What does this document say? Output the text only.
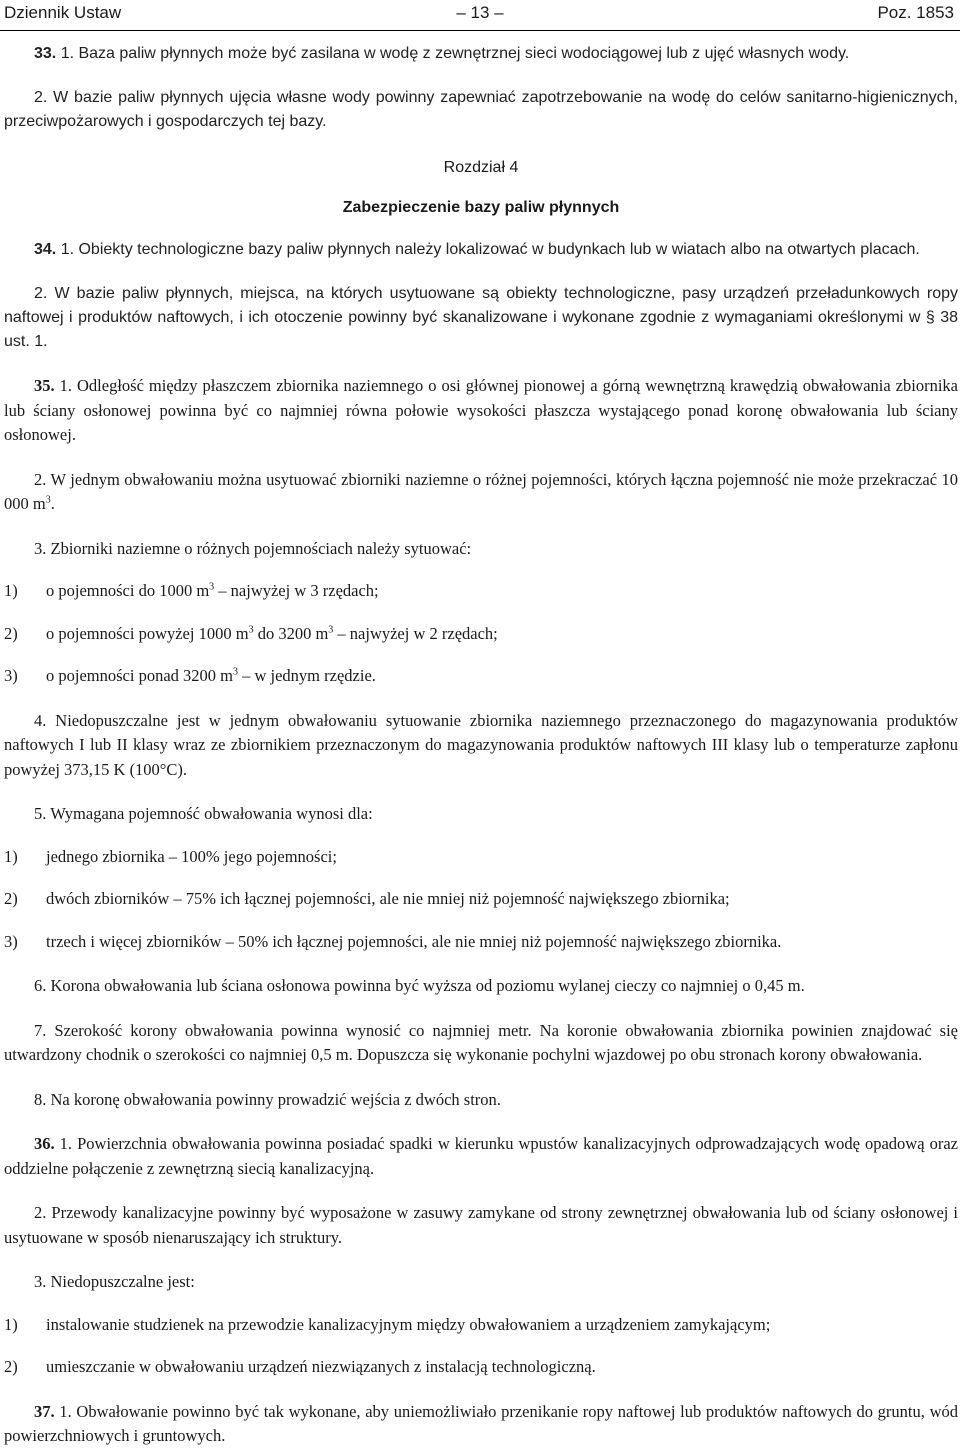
– 13 –
Dziennik Ustaw	Poz. 1853

33. 1. Baza paliw płynnych może być zasilana w wodę z zewnętrznej sieci wodociągowej lub z ujęć własnych wody.

2. W bazie paliw płynnych ujęcia własne wody powinny zapewniać zapotrzebowanie na wodę do celów sanitarno-higienicznych, przeciwpożarowych i gospodarczych tej bazy.

Rozdział 4
Zabezpieczenie bazy paliw płynnych

34. 1. Obiekty technologiczne bazy paliw płynnych należy lokalizować w budynkach lub w wiatach albo na otwartych placach.

2. W bazie paliw płynnych, miejsca, na których usytuowane są obiekty technologiczne, pasy urządzeń przeładunkowych ropy naftowej i produktów naftowych, i ich otoczenie powinny być skanalizowane i wykonane zgodnie z wymaganiami określonymi w § 38 ust. 1.

35. 1. Odległość między płaszczem zbiornika naziemnego o osi głównej pionowej a górną wewnętrzną krawędzią obwałowania zbiornika lub ściany osłonowej powinna być co najmniej równa połowie wysokości płaszcza wystającego ponad koronę obwałowania lub ściany osłonowej.

2. W jednym obwałowaniu można usytuować zbiorniki naziemne o różnej pojemności, których łączna pojemność nie może przekraczać 10 000 $m^3$.

3. Zbiorniki naziemne o różnych pojemnościach należy sytuować:

1)	o pojemności do 1000 $m^3$ – najwyżej w 3 rzędach;
2)	o pojemności powyżej 1000 $m^3$ do 3200 $m^3$ – najwyżej w 2 rzędach;
3)	o pojemności ponad 3200 $m^3$ – w jednym rzędzie.

4. Niedopuszczalne jest w jednym obwałowaniu sytuowanie zbiornika naziemnego przeznaczonego do magazynowania produktów naftowych I lub II klasy wraz ze zbiornikiem przeznaczonym do magazynowania produktów naftowych III klasy lub o temperaturze zapłonu powyżej 373,15 K (100°C).

5. Wymagana pojemność obwałowania wynosi dla:

1)	jednego zbiornika – 100% jego pojemności;
2)	dwóch zbiorników – 75% ich łącznej pojemności, ale nie mniej niż pojemność największego zbiornika;
3)	trzech i więcej zbiorników – 50% ich łącznej pojemności, ale nie mniej niż pojemność największego zbiornika.

6. Korona obwałowania lub ściana osłonowa powinna być wyższa od poziomu wylanej cieczy co najmniej o 0,45 m.

7. Szerokość korony obwałowania powinna wynosić co najmniej metr. Na koronie obwałowania zbiornika powinien znajdować się utwardzony chodnik o szerokości co najmniej 0,5 m. Dopuszcza się wykonanie pochylni wjazdowej po obu stronach korony obwałowania.

8. Na koronę obwałowania powinny prowadzić wejścia z dwóch stron.

36. 1. Powierzchnia obwałowania powinna posiadać spadki w kierunku wpustów kanalizacyjnych odprowadzających wodę opadową oraz oddzielne połączenie z zewnętrzną siecią kanalizacyjną.

2. Przewody kanalizacyjne powinny być wyposażone w zasuwy zamykane od strony zewnętrznej obwałowania lub od ściany osłonowej i usytuowane w sposób nienaruszający ich struktury.

3. Niedopuszczalne jest:

1)	instalowanie studzienek na przewodzie kanalizacyjnym między obwałowaniem a urządzeniem zamykającym;
2)	umieszczanie w obwałowaniu urządzeń niezwiązanych z instalacją technologiczną.

37. 1. Obwałowanie powinno być tak wykonane, aby uniemożliwiało przenikanie ropy naftowej lub produktów naftowych do gruntu, wód powierzchniowych i gruntowych.
